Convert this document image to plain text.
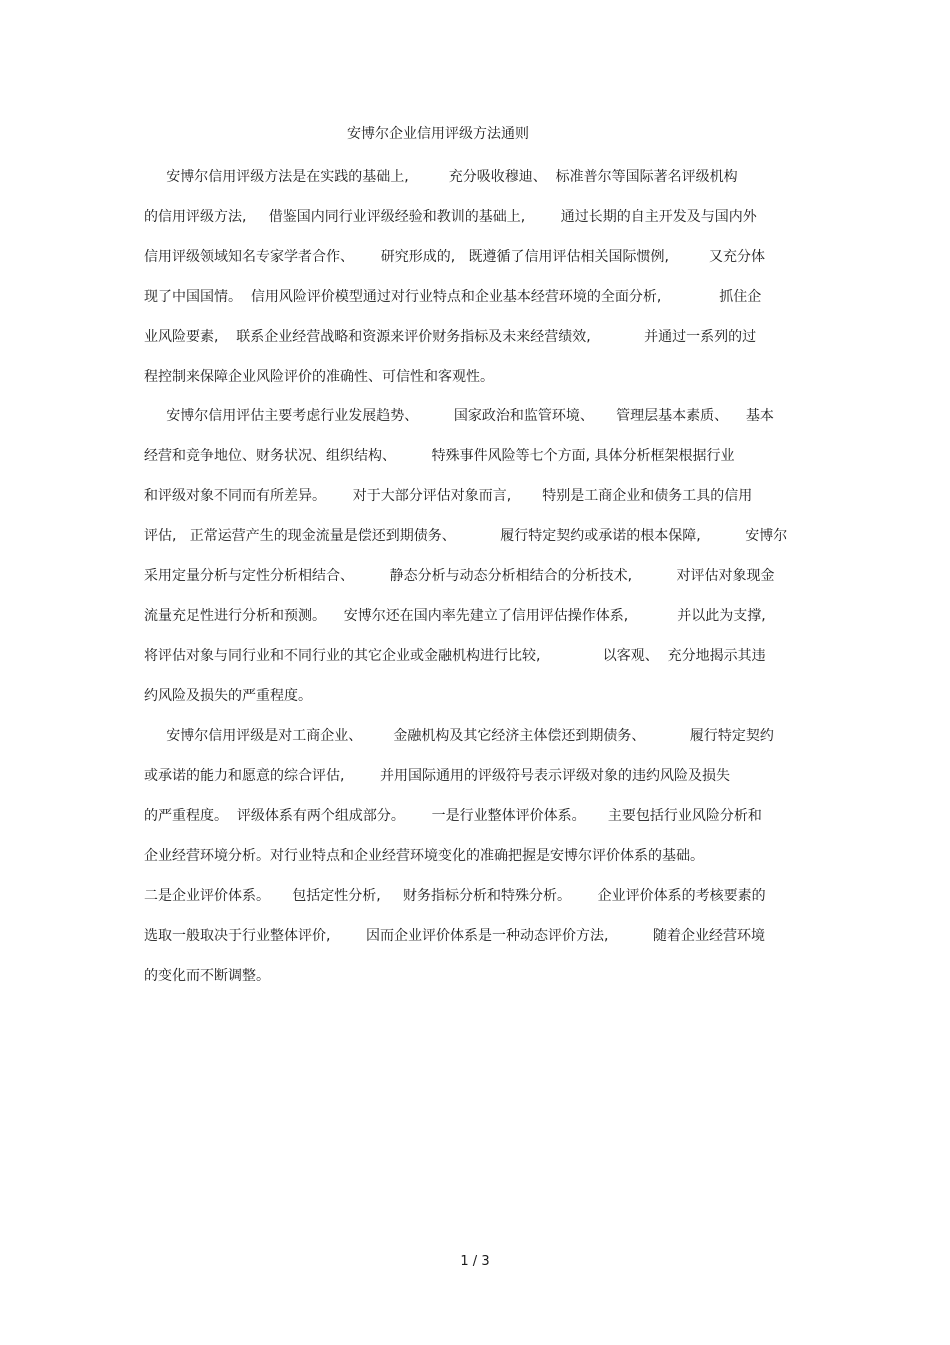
安博尔企业信用评级方法通则
安博尔信用评级方法是在实践的基础上,         充分吸收穆迪、  标准普尔等国际著名评级机构
的信用评级方法,     借鉴国内同行业评级经验和教训的基础上,        通过长期的自主开发及与国内外
信用评级领域知名专家学者合作、      研究形成的,   既遵循了信用评估相关国际惯例,         又充分体
现了中国国情。  信用风险评价模型通过对行业特点和企业基本经营环境的全面分析,             抓住企
业风险要素,    联系企业经营战略和资源来评价财务指标及未来经营绩效,            并通过一系列的过
程控制来保障企业风险评价的准确性、可信性和客观性。
安博尔信用评估主要考虑行业发展趋势、        国家政治和监管环境、     管理层基本素质、    基本
经营和竞争地位、财务状况、组织结构、        特殊事件风险等七个方面, 具体分析框架根据行业
和评级对象不同而有所差异。      对于大部分评估对象而言,       特别是工商企业和债务工具的信用
评估,   正常运营产生的现金流量是偿还到期债务、          履行特定契约或承诺的根本保障,          安博尔
采用定量分析与定性分析相结合、        静态分析与动态分析相结合的分析技术,          对评估对象现金
流量充足性进行分析和预测。    安博尔还在国内率先建立了信用评估操作体系,           并以此为支撑,
将评估对象与同行业和不同行业的其它企业或金融机构进行比较,              以客观、  充分地揭示其违
约风险及损失的严重程度。
安博尔信用评级是对工商企业、       金融机构及其它经济主体偿还到期债务、          履行特定契约
或承诺的能力和愿意的综合评估,        并用国际通用的评级符号表示评级对象的违约风险及损失
的严重程度。  评级体系有两个组成部分。      一是行业整体评价体系。     主要包括行业风险分析和
企业经营环境分析。对行业特点和企业经营环境变化的准确把握是安博尔评价体系的基础。
二是企业评价体系。     包括定性分析,     财务指标分析和特殊分析。      企业评价体系的考核要素的
选取一般取决于行业整体评价,        因而企业评价体系是一种动态评价方法,          随着企业经营环境
的变化而不断调整。
1 / 3
